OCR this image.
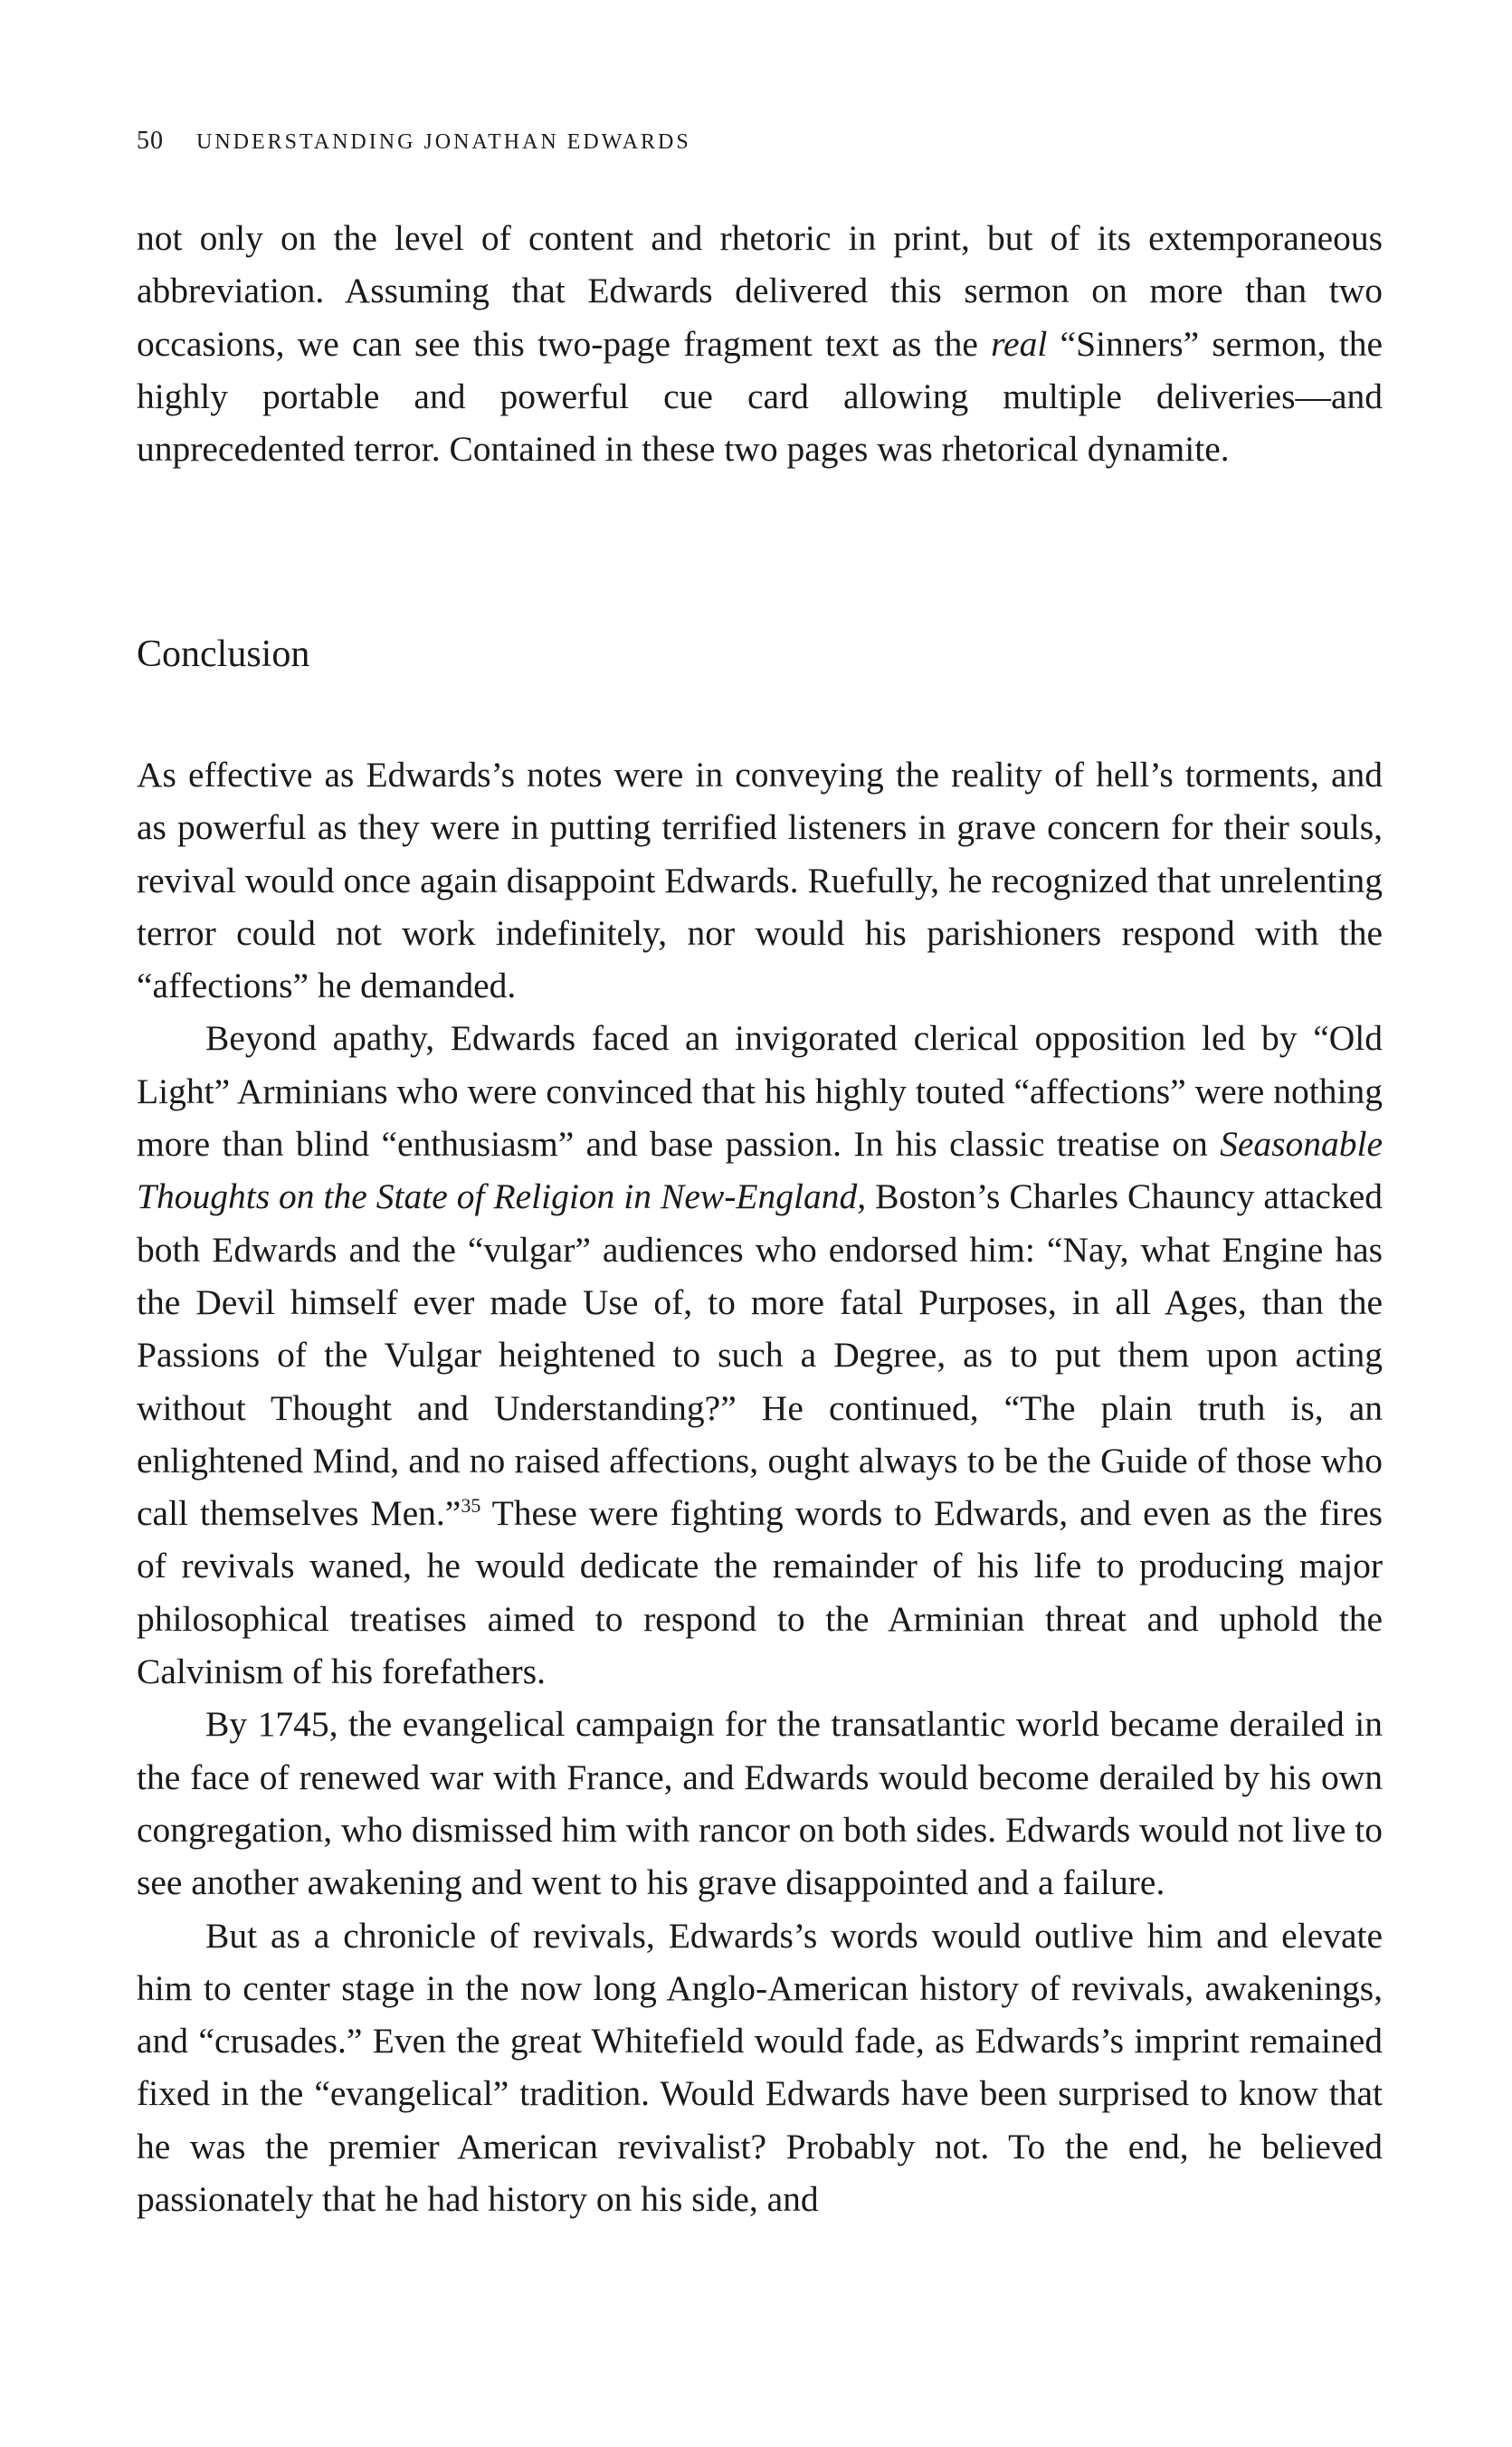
50 UNDERSTANDING JONATHAN EDWARDS

not only on the level of content and rhetoric in print, but of its extemporaneous abbreviation. Assuming that Edwards delivered this sermon on more than two occasions, we can see this two-page fragment text as the real “Sinners” sermon, the highly portable and powerful cue card allowing multiple deliveries—and unprecedented terror. Contained in these two pages was rhetorical dynamite.

Conclusion

As effective as Edwards’s notes were in conveying the reality of hell’s torments, and as powerful as they were in putting terrified listeners in grave concern for their souls, revival would once again disappoint Edwards. Ruefully, he recognized that unrelenting terror could not work indefinitely, nor would his parishioners respond with the “affections” he demanded.

Beyond apathy, Edwards faced an invigorated clerical opposition led by “Old Light” Arminians who were convinced that his highly touted “affections” were nothing more than blind “enthusiasm” and base passion. In his classic treatise on Seasonable Thoughts on the State of Religion in New-England, Boston’s Charles Chauncy attacked both Edwards and the “vulgar” audiences who endorsed him: “Nay, what Engine has the Devil himself ever made Use of, to more fatal Purposes, in all Ages, than the Passions of the Vulgar heightened to such a Degree, as to put them upon acting without Thought and Understanding?” He continued, “The plain truth is, an enlightened Mind, and no raised affections, ought always to be the Guide of those who call themselves Men.”$^{35}$ These were fighting words to Edwards, and even as the fires of revivals waned, he would dedicate the remainder of his life to producing major philosophical treatises aimed to respond to the Arminian threat and uphold the Calvinism of his forefathers.

By 1745, the evangelical campaign for the transatlantic world became derailed in the face of renewed war with France, and Edwards would become derailed by his own congregation, who dismissed him with rancor on both sides. Edwards would not live to see another awakening and went to his grave disappointed and a failure.

But as a chronicle of revivals, Edwards’s words would outlive him and elevate him to center stage in the now long Anglo-American history of revivals, awakenings, and “crusades.” Even the great Whitefield would fade, as Edwards’s imprint remained fixed in the “evangelical” tradition. Would Edwards have been surprised to know that he was the premier American revivalist? Probably not. To the end, he believed passionately that he had history on his side, and
